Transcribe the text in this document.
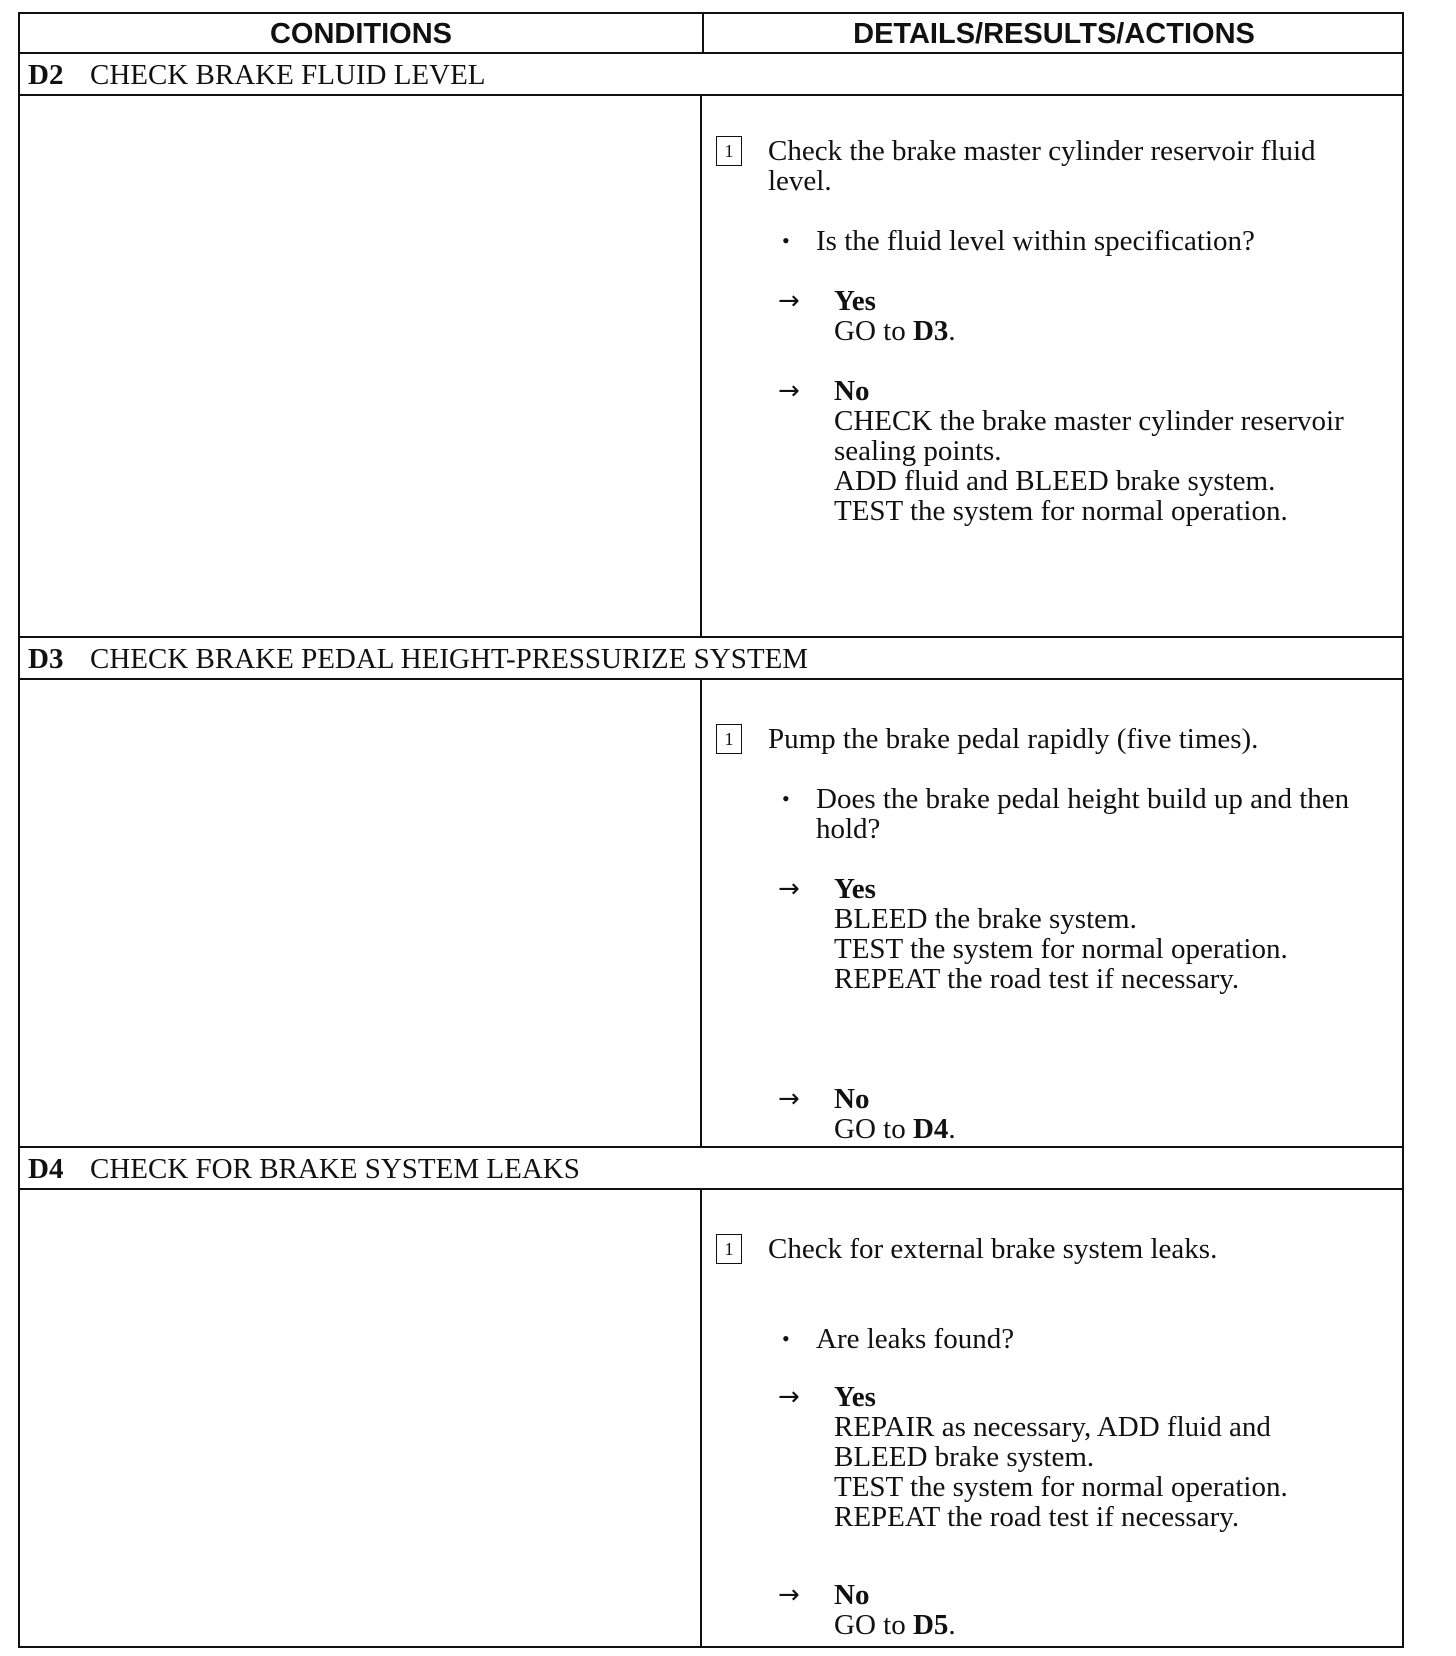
CONDITIONS	DETAILS/RESULTS/ACTIONS
D2 CHECK BRAKE FLUID LEVEL
1 Check the brake master cylinder reservoir fluid
level.
• Is the fluid level within specification?
→ Yes
GO to D3.
→ No
CHECK the brake master cylinder reservoir
sealing points.
ADD fluid and BLEED brake system.
TEST the system for normal operation.
D3 CHECK BRAKE PEDAL HEIGHT-PRESSURIZE SYSTEM
1 Pump the brake pedal rapidly (five times).
• Does the brake pedal height build up and then
hold?
→ Yes
BLEED the brake system.
TEST the system for normal operation.
REPEAT the road test if necessary.
→ No
GO to D4.
D4 CHECK FOR BRAKE SYSTEM LEAKS
1 Check for external brake system leaks.
• Are leaks found?
→ Yes
REPAIR as necessary, ADD fluid and
BLEED brake system.
TEST the system for normal operation.
REPEAT the road test if necessary.
→ No
GO to D5.
